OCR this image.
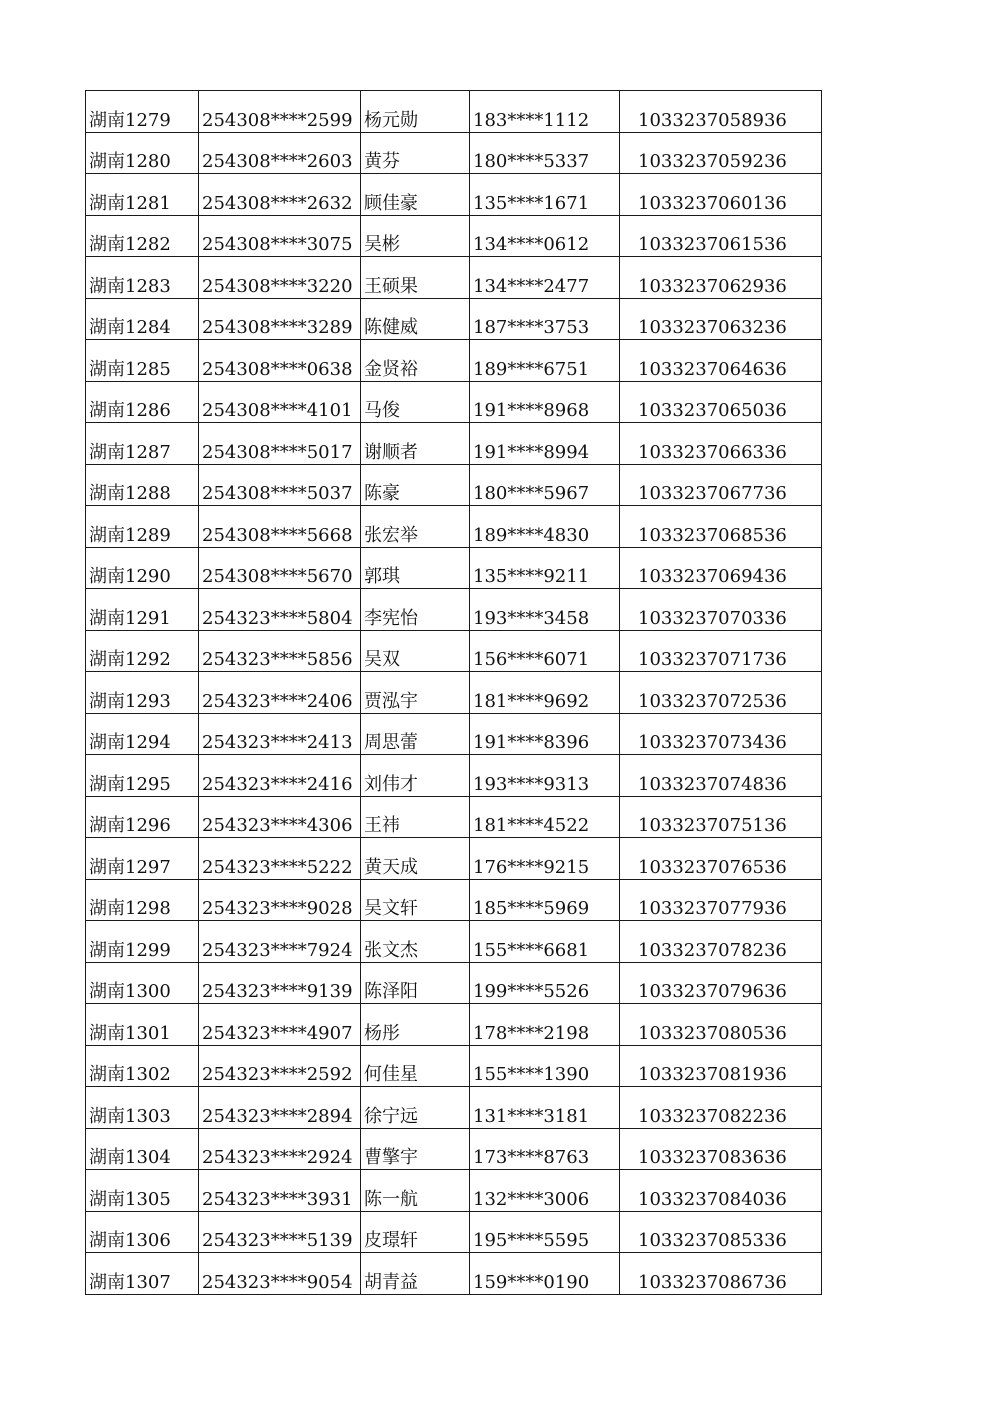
湖南1279	254308****2599	杨元勋	183****1112	1033237058936
湖南1280	254308****2603	黄芬	180****5337	1033237059236
湖南1281	254308****2632	顾佳豪	135****1671	1033237060136
湖南1282	254308****3075	吴彬	134****0612	1033237061536
湖南1283	254308****3220	王硕果	134****2477	1033237062936
湖南1284	254308****3289	陈健威	187****3753	1033237063236
湖南1285	254308****0638	金贤裕	189****6751	1033237064636
湖南1286	254308****4101	马俊	191****8968	1033237065036
湖南1287	254308****5017	谢顺者	191****8994	1033237066336
湖南1288	254308****5037	陈豪	180****5967	1033237067736
湖南1289	254308****5668	张宏举	189****4830	1033237068536
湖南1290	254308****5670	郭琪	135****9211	1033237069436
湖南1291	254323****5804	李宪怡	193****3458	1033237070336
湖南1292	254323****5856	吴双	156****6071	1033237071736
湖南1293	254323****2406	贾泓宇	181****9692	1033237072536
湖南1294	254323****2413	周思蕾	191****8396	1033237073436
湖南1295	254323****2416	刘伟才	193****9313	1033237074836
湖南1296	254323****4306	王祎	181****4522	1033237075136
湖南1297	254323****5222	黄天成	176****9215	1033237076536
湖南1298	254323****9028	吴文轩	185****5969	1033237077936
湖南1299	254323****7924	张文杰	155****6681	1033237078236
湖南1300	254323****9139	陈泽阳	199****5526	1033237079636
湖南1301	254323****4907	杨彤	178****2198	1033237080536
湖南1302	254323****2592	何佳星	155****1390	1033237081936
湖南1303	254323****2894	徐宁远	131****3181	1033237082236
湖南1304	254323****2924	曹擎宇	173****8763	1033237083636
湖南1305	254323****3931	陈一航	132****3006	1033237084036
湖南1306	254323****5139	皮璟轩	195****5595	1033237085336
湖南1307	254323****9054	胡青益	159****0190	1033237086736
